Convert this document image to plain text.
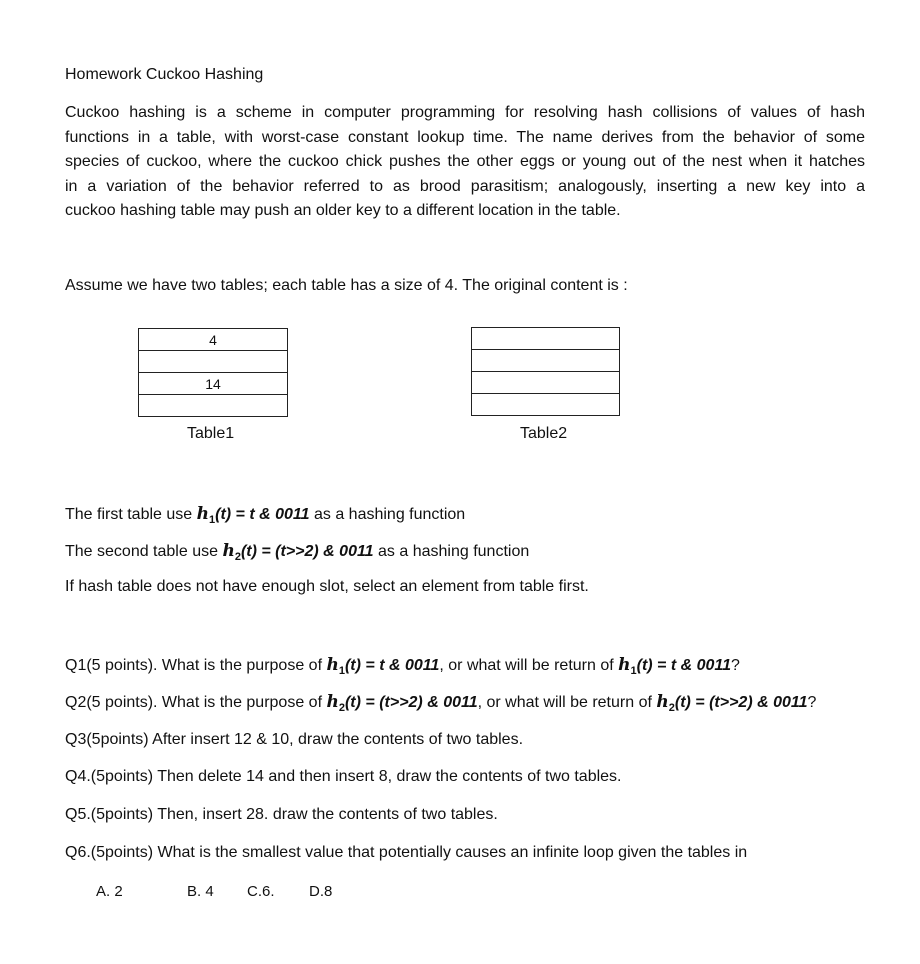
Homework Cuckoo Hashing
Cuckoo hashing is a scheme in computer programming for resolving hash collisions of values of hash
functions in a table, with worst-case constant lookup time. The name derives from the behavior of some
species of cuckoo, where the cuckoo chick pushes the other eggs or young out of the nest when it hatches
in a variation of the behavior referred to as brood parasitism; analogously, inserting a new key into a
cuckoo hashing table may push an older key to a different location in the table.
Assume we have two tables; each table has a size of 4. The original content is :
4

14

Table1	Table2
The first table use $h_1(t) = t$ & 0011 as a hashing function
The second table use $h_2(t) = (t>>2)$ & 0011 as a hashing function
If hash table does not have enough slot, select an element from table first.
Q1(5 points). What is the purpose of $h_1(t) = t$ & 0011, or what will be return of $h_1(t) = t$ & 0011?
Q2(5 points). What is the purpose of $h_2(t) = (t>>2)$ & 0011, or what will be return of $h_2(t) = (t>>2)$ & 0011?
Q3(5points) After insert 12 & 10, draw the contents of two tables.
Q4.(5points) Then delete 14 and then insert 8, draw the contents of two tables.
Q5.(5points) Then, insert 28. draw the contents of two tables.
Q6.(5points) What is the smallest value that potentially causes an infinite loop given the tables in
A. 2	B. 4 C.6. D.8
